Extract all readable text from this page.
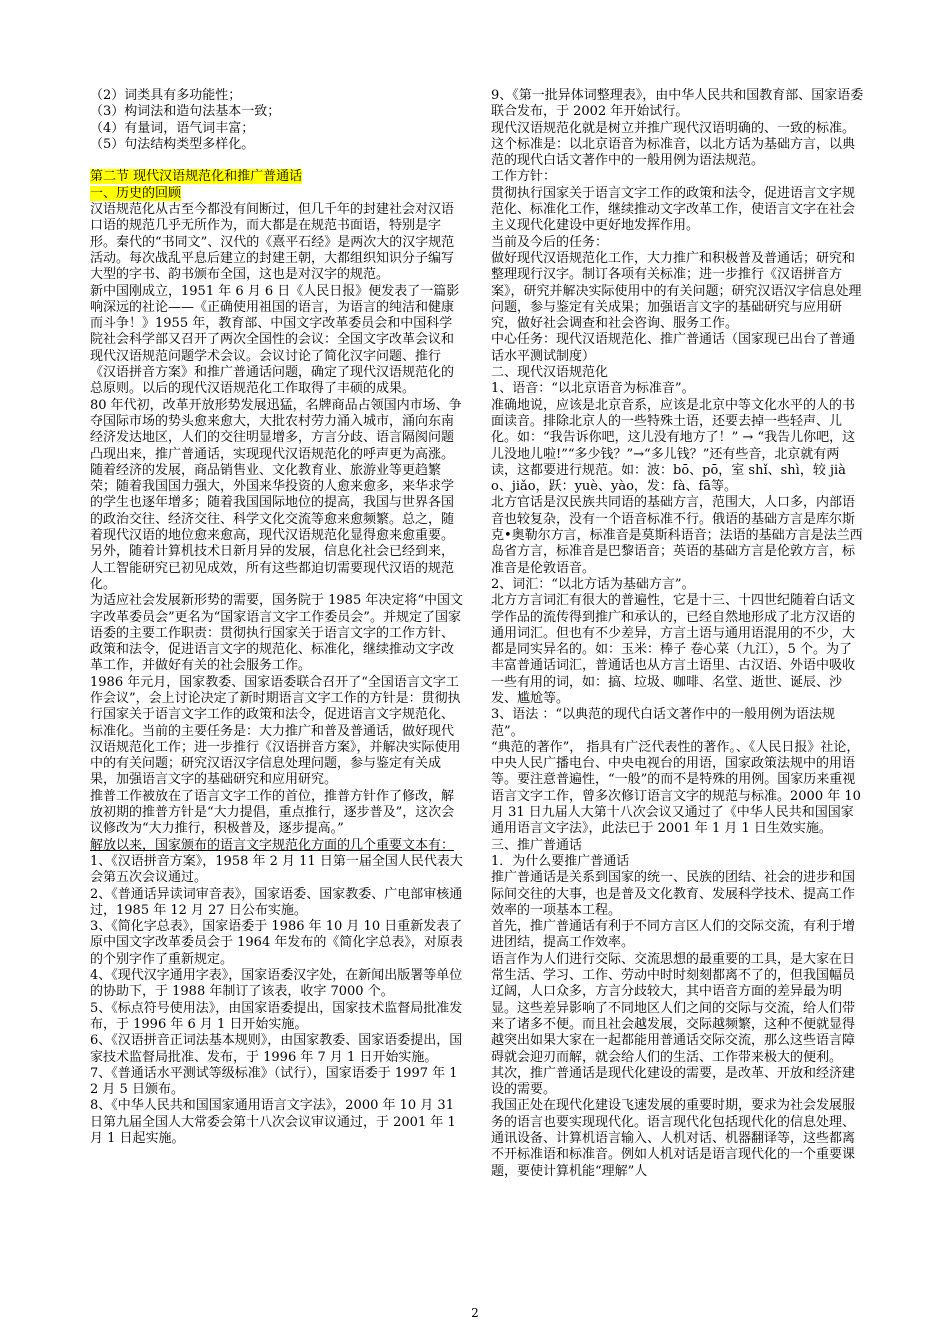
（2）词类具有多功能性；

（3）构词法和造句法基本一致；

（4）有量词，语气词丰富；

（5）句法结构类型多样化。

第二节 现代汉语规范化和推广普通话

一、历史的回顾

汉语规范化从古至今都没有间断过，但几千年的封建社会对汉语口语的规范几乎无所作为，而大都是在规范书面语，特别是字形。秦代的“书同文”、汉代的《熹平石经》是两次大的汉字规范活动。每次战乱平息后建立的封建王朝，大都组织知识分子编写大型的字书、韵书颁布全国，这也是对汉字的规范。

新中国刚成立，1951 年 6 月 6 日《人民日报》便发表了一篇影响深远的社论——《正确使用祖国的语言，为语言的纯洁和健康而斗争！》1955 年，教育部、中国文字改革委员会和中国科学院社会科学部又召开了两次全国性的会议：全国文字改革会议和现代汉语规范问题学术会议。会议讨论了简化汉字问题、推行《汉语拼音方案》和推广普通话问题，确定了现代汉语规范化的总原则。以后的现代汉语规范化工作取得了丰硕的成果。

80 年代初，改革开放形势发展迅猛，名牌商品占领国内市场、争夺国际市场的势头愈来愈大，大批农村劳力涌入城市，涌向东南经济发达地区，人们的交往明显增多，方言分歧、语言隔阂问题凸现出来，推广普通话，实现现代汉语规范化的呼声更为高涨。随着经济的发展，商品销售业、文化教育业、旅游业等更趋繁荣；随着我国国力强大，外国来华投资的人愈来愈多，来华求学的学生也逐年增多；随着我国国际地位的提高，我国与世界各国的政治交往、经济交往、科学文化交流等愈来愈频繁。总之，随着现代汉语的地位愈来愈高，现代汉语规范化显得愈来愈重要。另外，随着计算机技术日新月异的发展，信息化社会已经到来，人工智能研究已初见成效，所有这些都迫切需要现代汉语的规范化。

为适应社会发展新形势的需要，国务院于 1985 年决定将“中国文字改革委员会”更名为“国家语言文字工作委员会”。并规定了国家语委的主要工作职责：贯彻执行国家关于语言文字的工作方针、政策和法令，促进语言文字的规范化、标准化，继续推动文字改革工作，并做好有关的社会服务工作。

1986 年元月，国家教委、国家语委联合召开了“全国语言文字工作会议”，会上讨论决定了新时期语言文字工作的方针是：贯彻执行国家关于语言文字工作的政策和法令，促进语言文字规范化、标准化。当前的主要任务是：大力推广和普及普通话，做好现代汉语规范化工作；进一步推行《汉语拼音方案》，并解决实际使用中的有关问题；研究汉语汉字信息处理问题，参与鉴定有关成果，加强语言文字的基础研究和应用研究。

推普工作被放在了语言文字工作的首位，推普方针作了修改，解放初期的推普方针是“大力提倡，重点推行，逐步普及”，这次会议修改为“大力推行，积极普及，逐步提高。”

解放以来，国家颁布的语言文字规范化方面的几个重要文本有：

1、《汉语拼音方案》，1958 年 2 月 11 日第一届全国人民代表大会第五次会议通过。

2、《普通话异读词审音表》，国家语委、国家教委、广电部审核通过，1985 年 12 月 27 日公布实施。

3、《简化字总表》，国家语委于 1986 年 10 月 10 日重新发表了原中国文字改革委员会于 1964 年发布的《简化字总表》，对原表的个别字作了重新规定。

4、《现代汉字通用字表》，国家语委汉字处，在新闻出版署等单位的协助下，于 1988 年制订了该表，收字 7000 个。

5、《标点符号使用法》，由国家语委提出，国家技术监督局批准发布，于 1996 年 6 月 1 日开始实施。

6、《汉语拼音正词法基本规则》，由国家教委、国家语委提出，国家技术监督局批准、发布，于 1996 年 7 月 1 日开始实施。

7、《普通话水平测试等级标准》（试行），国家语委于 1997 年 12 月 5 日颁布。

8、《中华人民共和国国家通用语言文字法》，2000 年 10 月 31 日第九届全国人大常委会第十八次会议审议通过，于 2001 年 1 月 1 日起实施。

9、《第一批异体词整理表》，由中华人民共和国教育部、国家语委联合发布，于 2002 年开始试行。

现代汉语规范化就是树立并推广现代汉语明确的、一致的标准。这个标准是：以北京语音为标准音，以北方话为基础方言，以典范的现代白话文著作中的一般用例为语法规范。

工作方针：

贯彻执行国家关于语言文字工作的政策和法令，促进语言文字规范化、标准化工作，继续推动文字改革工作，使语言文字在社会主义现代化建设中更好地发挥作用。

当前及今后的任务：

做好现代汉语规范化工作，大力推广和积极普及普通话；研究和整理现行汉字。制订各项有关标准；进一步推行《汉语拼音方案》，研究并解决实际使用中的有关问题；研究汉语汉字信息处理问题，参与鉴定有关成果；加强语言文字的基础研究与应用研究，做好社会调查和社会咨询、服务工作。

中心任务：现代汉语规范化、推广普通话（国家现已出台了普通话水平测试制度）

二、现代汉语规范化

1、语音：“以北京语音为标准音”。

准确地说，应该是北京音系，应该是北京中等文化水平的人的书面读音。排除北京人的一些特殊土语，还要去掉一些轻声、儿化。如：“我告诉你吧，这儿没有地方了！” → “我告儿你吧，这儿没地儿啦!”“多少钱？”→“多儿钱？”还有些音，北京就有两读，这都要进行规范。如：波：bō、pō，室 shǐ、shì，较 jiào、jiǎo，跃：yuè、yào，发：fà、fā等。

北方官话是汉民族共同语的基础方言，范围大，人口多，内部语音也较复杂，没有一个语音标准不行。俄语的基础方言是库尔斯克•奥勒尔方言，标准音是莫斯科语音；法语的基础方言是法兰西岛省方言，标准音是巴黎语音；英语的基础方言是伦敦方言，标准音是伦敦语音。

2、词汇：“以北方话为基础方言”。

北方方言词汇有很大的普遍性，它是十三、十四世纪随着白话文学作品的流传得到推广和承认的，已经自然地形成了北方汉语的通用词汇。但也有不少差异，方言土语与通用语混用的不少，大都是同实异名的。如：玉米：棒子 卷心菜（九江），5 个。为了丰富普通话词汇，普通话也从方言土语里、古汉语、外语中吸收一些有用的词，如：搞、垃圾、咖啡、名堂、逝世、诞辰、沙发、尴尬等。

3、语法 ：“以典范的现代白话文著作中的一般用例为语法规范”。

“典范的著作”， 指具有广泛代表性的著作。、《人民日报》社论，中央人民广播电台、中央电视台的用语，国家政策法规中的用语等。要注意普遍性，“一般”的而不是特殊的用例。国家历来重视语言文字工作，曾多次修订语言文字的规范与标准。2000 年 10 月 31 日九届人大第十八次会议又通过了《中华人民共和国国家通用语言文字法》，此法已于 2001 年 1 月 1 日生效实施。

三、推广普通话

1．为什么要推广普通话

推广普通话是关系到国家的统一、民族的团结、社会的进步和国际间交往的大事，也是普及文化教育、发展科学技术、提高工作效率的一项基本工程。

首先，推广普通话有利于不同方言区人们的交际交流，有利于增进团结，提高工作效率。

语言作为人们进行交际、交流思想的最重要的工具，是大家在日常生活、学习、工作、劳动中时时刻刻都离不了的，但我国幅员辽阔，人口众多，方言分歧较大，其中语音方面的差异最为明显。这些差异影响了不同地区人们之间的交际与交流，给人们带来了诸多不便。而且社会越发展，交际越频繁，这种不便就显得越突出如果大家在一起都能用普通话交际交流，那么这些语言障碍就会迎刃而解，就会给人们的生活、工作带来极大的便利。

其次，推广普通话是现代化建设的需要，是改革、开放和经济建设的需要。

我国正处在现代化建设飞速发展的重要时期，要求为社会发展服务的语言也要实现现代化。语言现代化包括现代化的信息处理、通讯设备、计算机语言输入、人机对话、机器翻译等，这些都离不开标准语和标准音。例如人机对话是语言现代化的一个重要课题，要使计算机能“理解”人

2
